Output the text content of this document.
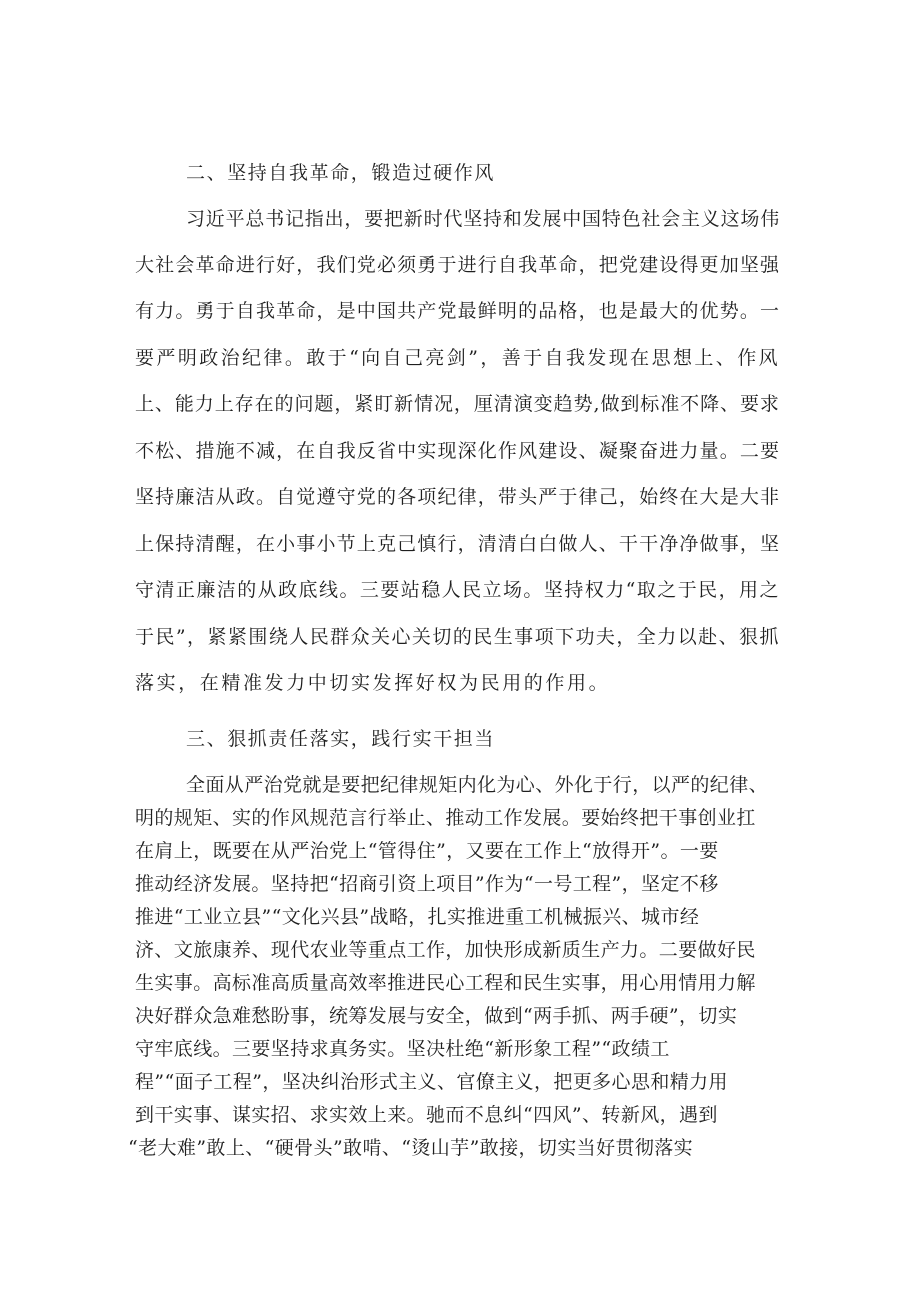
二、坚持自我革命，锻造过硬作风

习近平总书记指出，要把新时代坚持和发展中国特色社会主义这场伟

大社会革命进行好，我们党必须勇于进行自我革命，把党建设得更加坚强

有力。勇于自我革命，是中国共产党最鲜明的品格，也是最大的优势。一

要严明政治纪律。敢于“向自己亮剑”，善于自我发现在思想上、作风

上、能力上存在的问题，紧盯新情况，厘清演变趋势,做到标准不降、要求

不松、措施不减，在自我反省中实现深化作风建设、凝聚奋进力量。二要

坚持廉洁从政。自觉遵守党的各项纪律，带头严于律己，始终在大是大非

上保持清醒，在小事小节上克己慎行，清清白白做人、干干净净做事，坚

守清正廉洁的从政底线。三要站稳人民立场。坚持权力“取之于民，用之

于民”，紧紧围绕人民群众关心关切的民生事项下功夫，全力以赴、狠抓

落实，在精准发力中切实发挥好权为民用的作用。

三、狠抓责任落实，践行实干担当

全面从严治党就是要把纪律规矩内化为心、外化于行，以严的纪律、

明的规矩、实的作风规范言行举止、推动工作发展。要始终把干事创业扛

在肩上，既要在从严治党上“管得住”，又要在工作上“放得开”。一要

推动经济发展。坚持把“招商引资上项目”作为“一号工程”，坚定不移

推进“工业立县”“文化兴县”战略，扎实推进重工机械振兴、城市经

济、文旅康养、现代农业等重点工作，加快形成新质生产力。二要做好民

生实事。高标准高质量高效率推进民心工程和民生实事，用心用情用力解

决好群众急难愁盼事，统筹发展与安全，做到“两手抓、两手硬”，切实

守牢底线。三要坚持求真务实。坚决杜绝“新形象工程”“政绩工

程”“面子工程”，坚决纠治形式主义、官僚主义，把更多心思和精力用

到干实事、谋实招、求实效上来。驰而不息纠“四风”、转新风，遇到

“老大难”敢上、“硬骨头”敢啃、“烫山芋”敢接，切实当好贯彻落实
